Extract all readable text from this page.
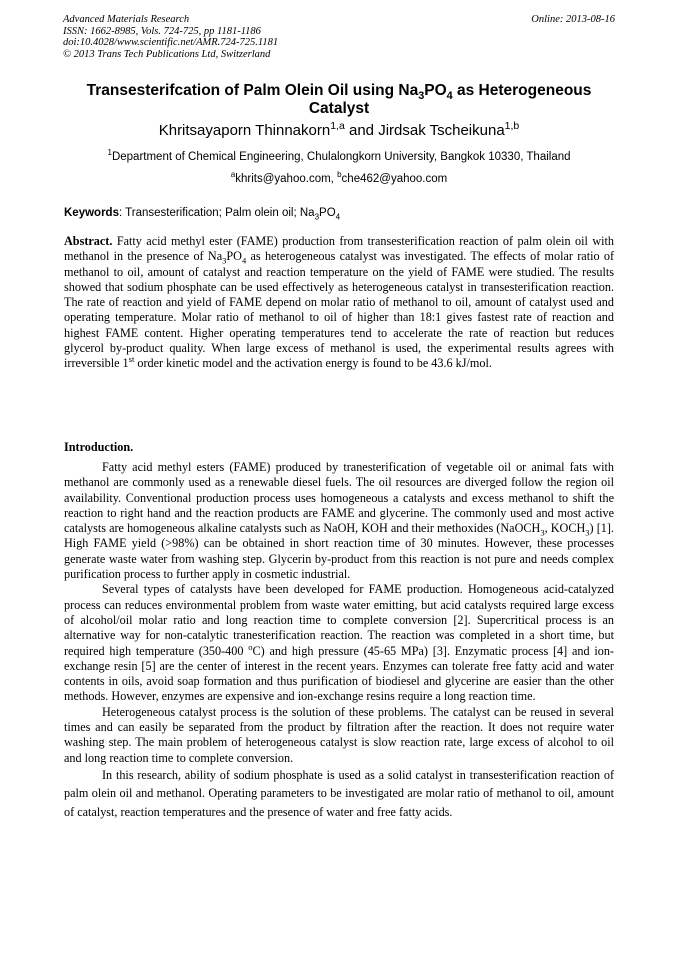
Advanced Materials Research
ISSN: 1662-8985, Vols. 724-725, pp 1181-1186
doi:10.4028/www.scientific.net/AMR.724-725.1181
© 2013 Trans Tech Publications Ltd, Switzerland
Online: 2013-08-16
Transesterifcation of Palm Olein Oil using $Na_3PO_4$ as Heterogeneous Catalyst
Khritsayaporn Thinnakorn$^{1,a}$ and Jirdsak Tscheikuna$^{1,b}$
$^1$Department of Chemical Engineering, Chulalongkorn University, Bangkok 10330, Thailand
$^a$khrits@yahoo.com, $^b$che462@yahoo.com
Keywords: Transesterification; Palm olein oil; $Na_3PO_4$
Abstract. Fatty acid methyl ester (FAME) production from transesterification reaction of palm olein oil with methanol in the presence of $Na_3PO_4$ as heterogeneous catalyst was investigated. The effects of molar ratio of methanol to oil, amount of catalyst and reaction temperature on the yield of FAME were studied. The results showed that sodium phosphate can be used effectively as heterogeneous catalyst in transesterification reaction. The rate of reaction and yield of FAME depend on molar ratio of methanol to oil, amount of catalyst used and operating temperature. Molar ratio of methanol to oil of higher than 18:1 gives fastest rate of reaction and highest FAME content. Higher operating temperatures tend to accelerate the rate of reaction but reduces glycerol by-product quality. When large excess of methanol is used, the experimental results agrees with irreversible 1st order kinetic model and the activation energy is found to be 43.6 kJ/mol.
Introduction.

Fatty acid methyl esters (FAME) produced by tranesterification of vegetable oil or animal fats with methanol are commonly used as a renewable diesel fuels. The oil resources are diverged follow the region oil availability. Conventional production process uses homogeneous a catalysts and excess methanol to shift the reaction to right hand and the reaction products are FAME and glycerine. The commonly used and most active catalysts are homogeneous alkaline catalysts such as NaOH, KOH and their methoxides (NaOCH$_3$, $KOCH_3$) [1]. High FAME yield (>98%) can be obtained in short reaction time of 30 minutes. However, these processes generate waste water from washing step. Glycerin by-product from this reaction is not pure and needs complex purification process to further apply in cosmetic industrial.

Several types of catalysts have been developed for FAME production. Homogeneous acid-catalyzed process can reduces environmental problem from waste water emitting, but acid catalysts required large excess of alcohol/oil molar ratio and long reaction time to complete conversion [2]. Supercritical process is an alternative way for non-catalytic tranesterification reaction. The reaction was completed in a short time, but required high temperature (350-400 $^o$C) and high pressure (45-65 MPa) [3]. Enzymatic process [4] and ion-exchange resin [5] are the center of interest in the recent years. Enzymes can tolerate free fatty acid and water contents in oils, avoid soap formation and thus purification of biodiesel and glycerine are easier than the other methods. However, enzymes are expensive and ion-exchange resins require a long reaction time.

Heterogeneous catalyst process is the solution of these problems. The catalyst can be reused in several times and can easily be separated from the product by filtration after the reaction. It does not require water washing step. The main problem of heterogeneous catalyst is slow reaction rate, large excess of alcohol to oil and long reaction time to complete conversion.

In this research, ability of sodium phosphate is used as a solid catalyst in transesterification reaction of palm olein oil and methanol. Operating parameters to be investigated are molar ratio of methanol to oil, amount of catalyst, reaction temperatures and the presence of water and free fatty acids.
